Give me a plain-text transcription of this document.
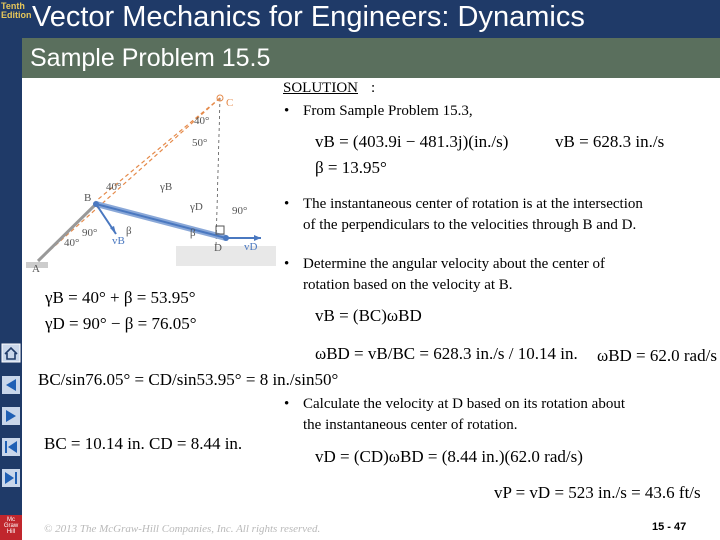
Tenth
Edition Vector Mechanics for Engineers: Dynamics
Sample Problem 15.5
Mc
Graw
Hill
C
B
D
A
40°
50°
40°
90°
90°
40°
γB
γD
β	β
vB	vD
γB = 40° + β = 53.95°
γD = 90° − β = 76.05°
BC/sin76.05° = CD/sin53.95° = 8 in./sin50°
BC = 10.14 in. CD = 8.44 in.
SOLUTION :
• From Sample Problem 15.3,
vB = (403.9i − 481.3j)(in./s)	vB = 628.3 in./s
β = 13.95°
• The instantaneous center of rotation is at the intersection
of the perpendiculars to the velocities through B and D.
• Determine the angular velocity about the center of
rotation based on the velocity at B.
vB = (BC)ωBD
ωBD = vB/BC = 628.3 in./s / 10.14 in. ωBD = 62.0 rad/s
• Calculate the velocity at D based on its rotation about
the instantaneous center of rotation.
vD = (CD)ωBD = (8.44 in.)(62.0 rad/s)
vP = vD = 523 in./s = 43.6 ft/s
© 2013 The McGraw-Hill Companies, Inc. All rights reserved.	15 - 47
